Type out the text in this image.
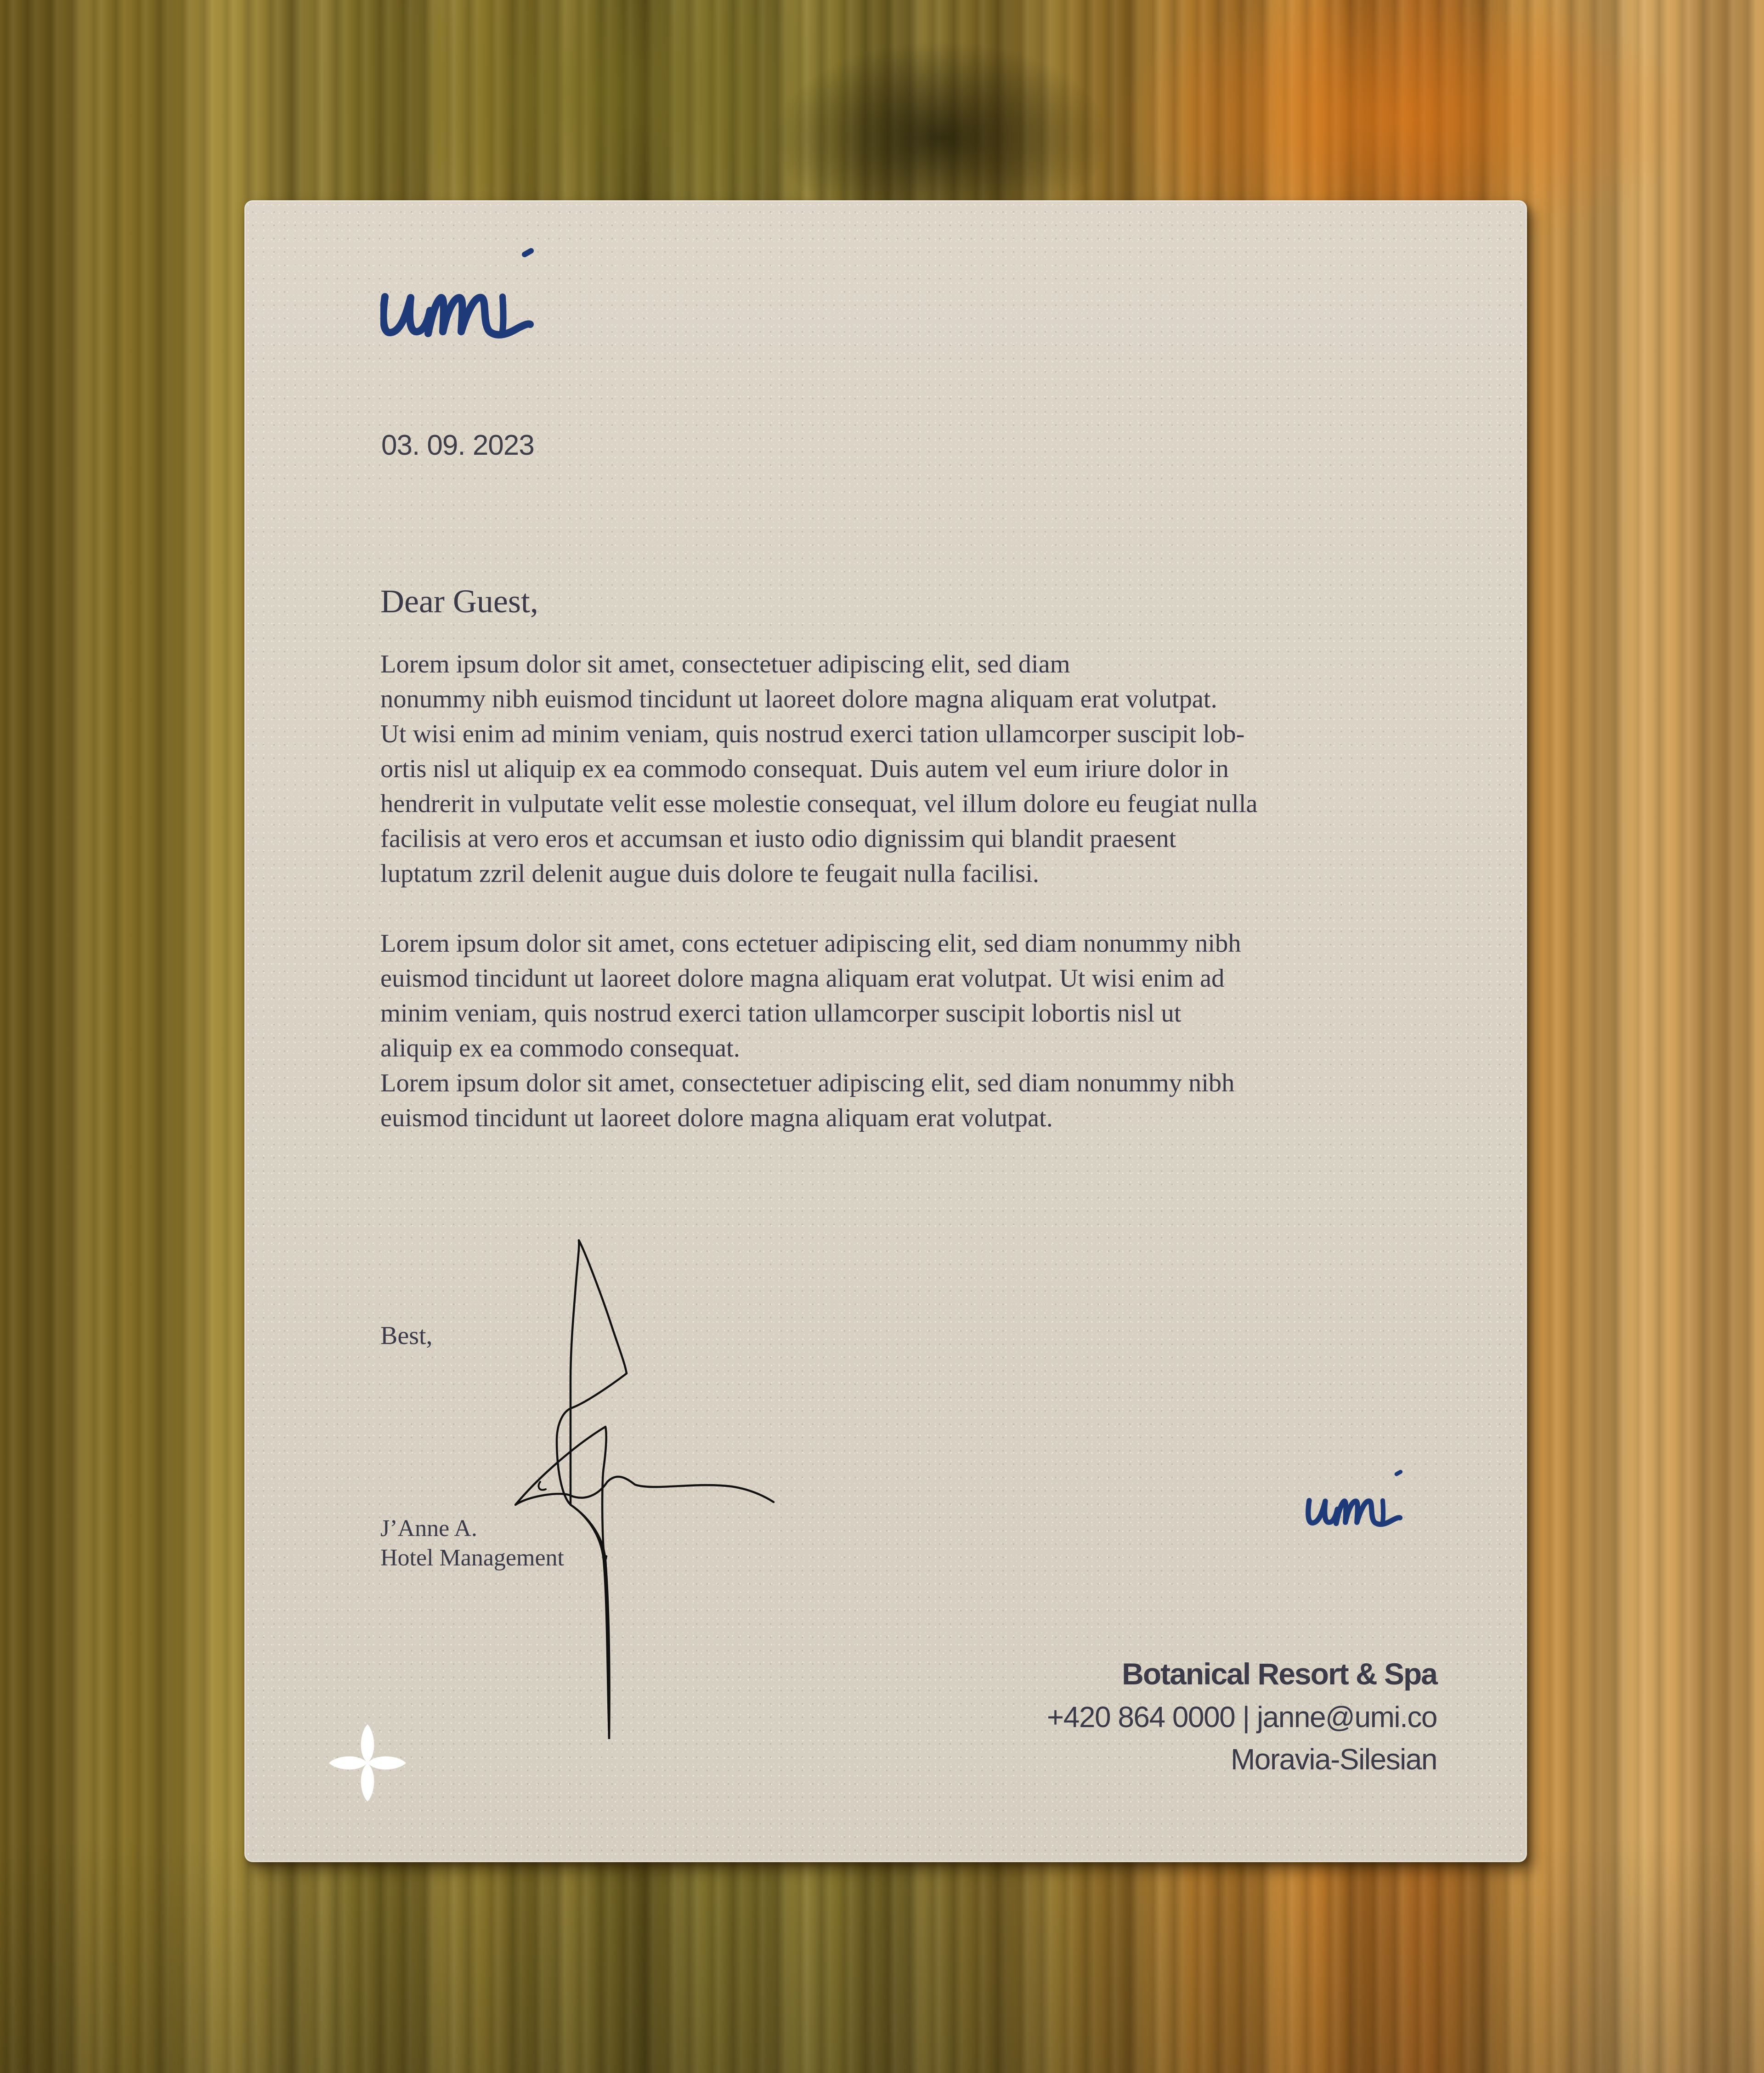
umi
03. 09. 2023
Dear Guest,

Lorem ipsum dolor sit amet, consectetuer adipiscing elit, sed diam

nonummy nibh euismod tincidunt ut laoreet dolore magna aliquam erat volutpat.

Ut wisi enim ad minim veniam, quis nostrud exerci tation ullamcorper suscipit lob-

ortis nisl ut aliquip ex ea commodo consequat. Duis autem vel eum iriure dolor in

hendrerit in vulputate velit esse molestie consequat, vel illum dolore eu feugiat nulla

facilisis at vero eros et accumsan et iusto odio dignissim qui blandit praesent

luptatum zzril delenit augue duis dolore te feugait nulla facilisi.

Lorem ipsum dolor sit amet, cons ectetuer adipiscing elit, sed diam nonummy nibh

euismod tincidunt ut laoreet dolore magna aliquam erat volutpat. Ut wisi enim ad

minim veniam, quis nostrud exerci tation ullamcorper suscipit lobortis nisl ut

aliquip ex ea commodo consequat.

Lorem ipsum dolor sit amet, consectetuer adipiscing elit, sed diam nonummy nibh

euismod tincidunt ut laoreet dolore magna aliquam erat volutpat.

Best,
J’Anne A.
Hotel Management
Botanical Resort & Spa
+420 864 0000 | janne@umi.co
Moravia-Silesian
